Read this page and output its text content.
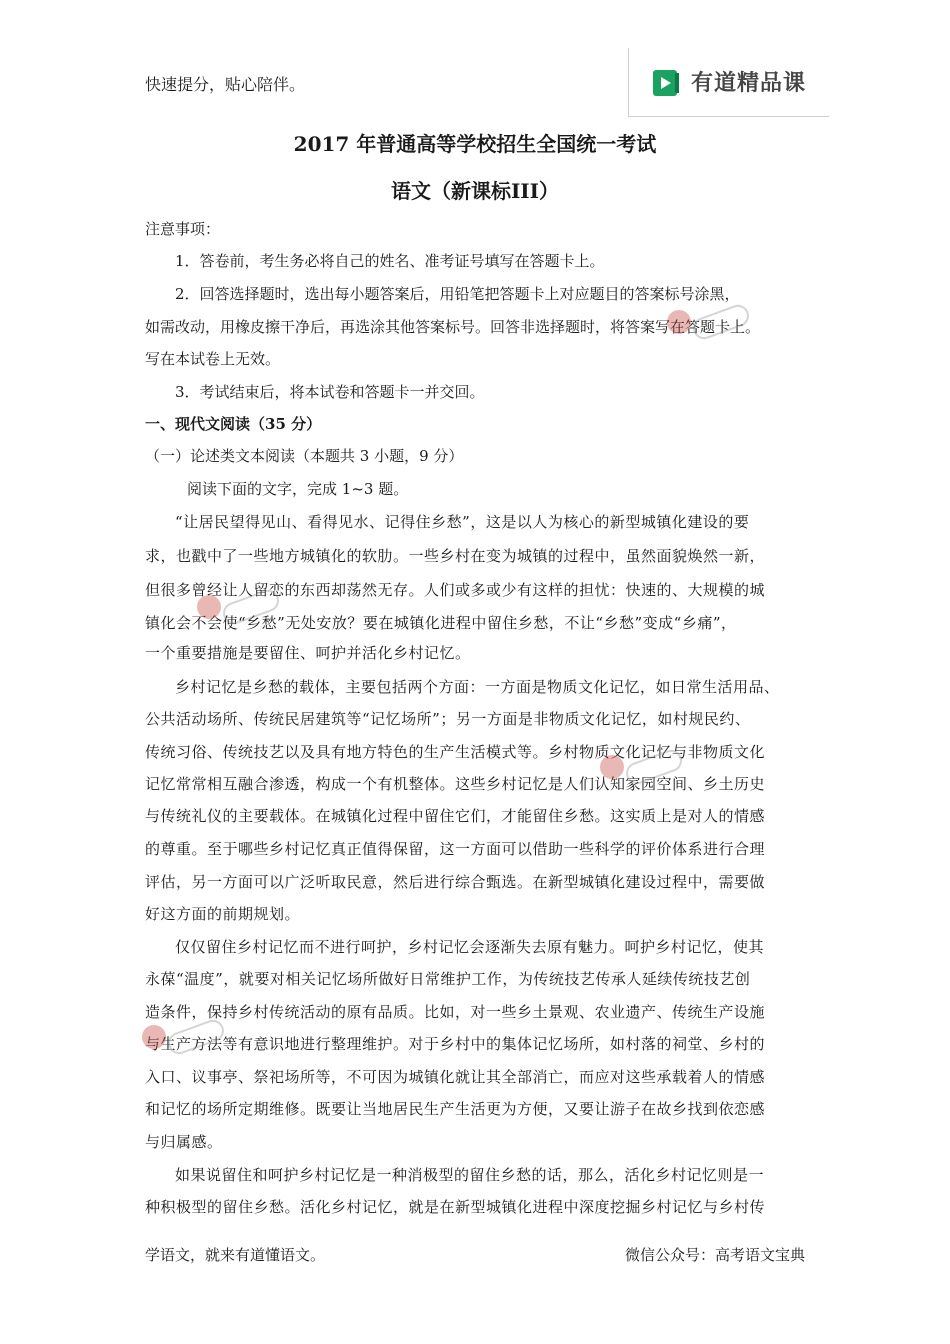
快速提分，贴心陪伴。	有道精品课
2017 年普通高等学校招生全国统一考试
语文（新课标III）
注意事项：
1．答卷前，考生务必将自己的姓名、准考证号填写在答题卡上。
2．回答选择题时，选出每小题答案后，用铅笔把答题卡上对应题目的答案标号涂黑，
如需改动，用橡皮擦干净后，再选涂其他答案标号。回答非选择题时，将答案写在答题卡上。
写在本试卷上无效。
3．考试结束后，将本试卷和答题卡一并交回。
一、现代文阅读（35 分）
（一）论述类文本阅读（本题共 3 小题，9 分）
阅读下面的文字，完成 1~3 题。
“让居民望得见山、看得见水、记得住乡愁”，这是以人为核心的新型城镇化建设的要
求，也戳中了一些地方城镇化的软肋。一些乡村在变为城镇的过程中，虽然面貌焕然一新，
但很多曾经让人留恋的东西却荡然无存。人们或多或少有这样的担忧：快速的、大规模的城
镇化会不会使“乡愁”无处安放？要在城镇化进程中留住乡愁，不让“乡愁”变成“乡痛”，
一个重要措施是要留住、呵护并活化乡村记忆。
乡村记忆是乡愁的载体，主要包括两个方面：一方面是物质文化记忆，如日常生活用品、
公共活动场所、传统民居建筑等“记忆场所”；另一方面是非物质文化记忆，如村规民约、
传统习俗、传统技艺以及具有地方特色的生产生活模式等。乡村物质文化记忆与非物质文化
记忆常常相互融合渗透，构成一个有机整体。这些乡村记忆是人们认知家园空间、乡土历史
与传统礼仪的主要载体。在城镇化过程中留住它们，才能留住乡愁。这实质上是对人的情感
的尊重。至于哪些乡村记忆真正值得保留，这一方面可以借助一些科学的评价体系进行合理
评估，另一方面可以广泛听取民意，然后进行综合甄选。在新型城镇化建设过程中，需要做
好这方面的前期规划。
仅仅留住乡村记忆而不进行呵护，乡村记忆会逐渐失去原有魅力。呵护乡村记忆，使其
永葆“温度”，就要对相关记忆场所做好日常维护工作，为传统技艺传承人延续传统技艺创
造条件，保持乡村传统活动的原有品质。比如，对一些乡土景观、农业遗产、传统生产设施
与生产方法等有意识地进行整理维护。对于乡村中的集体记忆场所，如村落的祠堂、乡村的
入口、议事亭、祭祀场所等，不可因为城镇化就让其全部消亡，而应对这些承载着人的情感
和记忆的场所定期维修。既要让当地居民生产生活更为方便，又要让游子在故乡找到依恋感
与归属感。
如果说留住和呵护乡村记忆是一种消极型的留住乡愁的话，那么，活化乡村记忆则是一
种积极型的留住乡愁。活化乡村记忆，就是在新型城镇化进程中深度挖掘乡村记忆与乡村传
学语文，就来有道懂语文。	微信公众号：高考语文宝典
